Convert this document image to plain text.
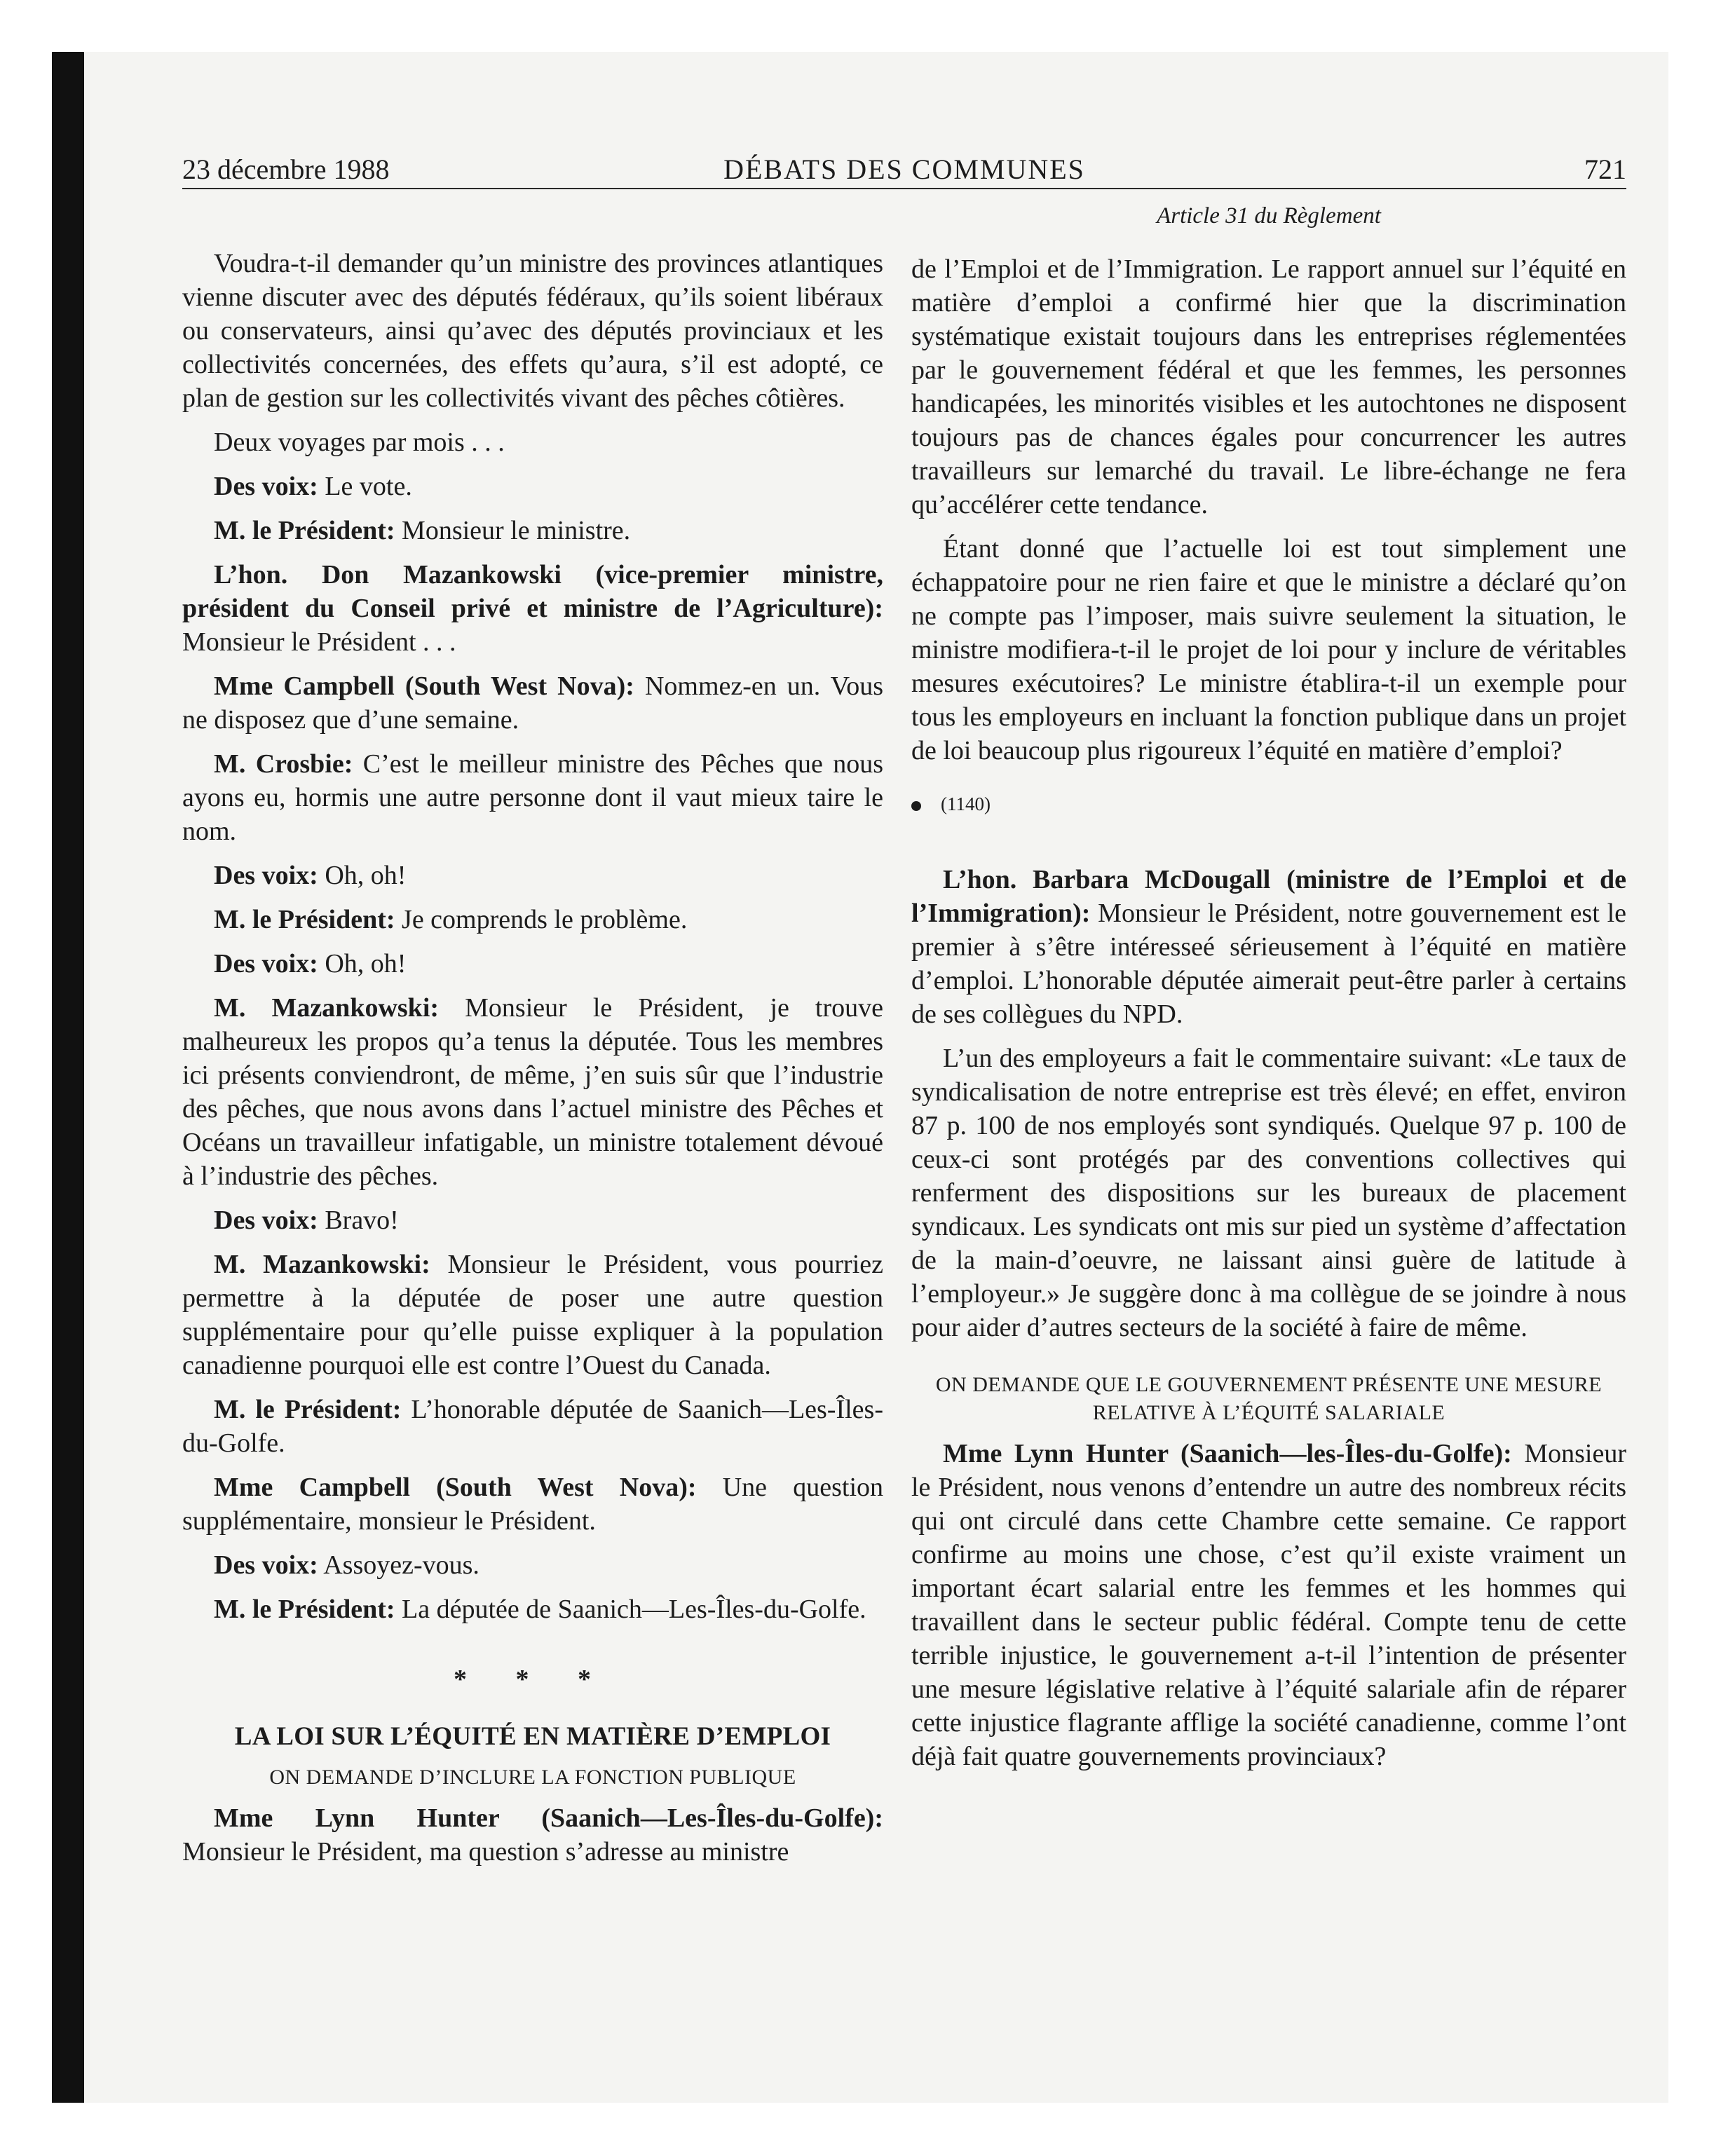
23 décembre 1988	DÉBATS DES COMMUNES	721
Article 31 du Règlement

Voudra-t-il demander qu’un ministre des provinces atlantiques vienne discuter avec des députés fédéraux, qu’ils soient libéraux ou conservateurs, ainsi qu’avec des députés provinciaux et les collectivités concernées, des effets qu’aura, s’il est adopté, ce plan de gestion sur les collectivités vivant des pêches côtières.

Deux voyages par mois . . .

Des voix: Le vote.

M. le Président: Monsieur le ministre.

L’hon. Don Mazankowski (vice-premier ministre, président du Conseil privé et ministre de l’Agriculture): Monsieur le Président . . .

Mme Campbell (South West Nova): Nommez-en un. Vous ne disposez que d’une semaine.

M. Crosbie: C’est le meilleur ministre des Pêches que nous ayons eu, hormis une autre personne dont il vaut mieux taire le nom.

Des voix: Oh, oh!

M. le Président: Je comprends le problème.

Des voix: Oh, oh!

M. Mazankowski: Monsieur le Président, je trouve malheureux les propos qu’a tenus la députée. Tous les membres ici présents conviendront, de même, j’en suis sûr que l’industrie des pêches, que nous avons dans l’actuel ministre des Pêches et Océans un travailleur infatigable, un ministre totalement dévoué à l’industrie des pêches.

Des voix: Bravo!

M. Mazankowski: Monsieur le Président, vous pourriez permettre à la députée de poser une autre question supplémentaire pour qu’elle puisse expliquer à la population canadienne pourquoi elle est contre l’Ouest du Canada.

M. le Président: L’honorable députée de Saanich—Les-Îles-du-Golfe.

Mme Campbell (South West Nova): Une question supplémentaire, monsieur le Président.

Des voix: Assoyez-vous.

M. le Président: La députée de Saanich—Les-Îles-du-Golfe.

* * *
LA LOI SUR L’ÉQUITÉ EN MATIÈRE D’EMPLOI
ON DEMANDE D’INCLURE LA FONCTION PUBLIQUE

Mme Lynn Hunter (Saanich—Les-Îles-du-Golfe): Monsieur le Président, ma question s’adresse au ministre

de l’Emploi et de l’Immigration. Le rapport annuel sur l’équité en matière d’emploi a confirmé hier que la discrimination systématique existait toujours dans les entreprises réglementées par le gouvernement fédéral et que les femmes, les personnes handicapées, les minorités visibles et les autochtones ne disposent toujours pas de chances égales pour concurrencer les autres travailleurs sur lemarché du travail. Le libre-échange ne fera qu’accélérer cette tendance.

Étant donné que l’actuelle loi est tout simplement une échappatoire pour ne rien faire et que le ministre a déclaré qu’on ne compte pas l’imposer, mais suivre seulement la situation, le ministre modifiera-t-il le projet de loi pour y inclure de véritables mesures exécutoires? Le ministre établira-t-il un exemple pour tous les employeurs en incluant la fonction publique dans un projet de loi beaucoup plus rigoureux l’équité en matière d’emploi?

(1140)

L’hon. Barbara McDougall (ministre de l’Emploi et de l’Immigration): Monsieur le Président, notre gouvernement est le premier à s’être intéresseé sérieusement à l’équité en matière d’emploi. L’honorable députée aimerait peut-être parler à certains de ses collègues du NPD.

L’un des employeurs a fait le commentaire suivant: «Le taux de syndicalisation de notre entreprise est très élevé; en effet, environ 87 p. 100 de nos employés sont syndiqués. Quelque 97 p. 100 de ceux-ci sont protégés par des conventions collectives qui renferment des dispositions sur les bureaux de placement syndicaux. Les syndicats ont mis sur pied un système d’affectation de la main-d’oeuvre, ne laissant ainsi guère de latitude à l’employeur.» Je suggère donc à ma collègue de se joindre à nous pour aider d’autres secteurs de la société à faire de même.

ON DEMANDE QUE LE GOUVERNEMENT PRÉSENTE UNE MESURE RELATIVE À L’ÉQUITÉ SALARIALE

Mme Lynn Hunter (Saanich—les-Îles-du-Golfe): Monsieur le Président, nous venons d’entendre un autre des nombreux récits qui ont circulé dans cette Chambre cette semaine. Ce rapport confirme au moins une chose, c’est qu’il existe vraiment un important écart salarial entre les femmes et les hommes qui travaillent dans le secteur public fédéral. Compte tenu de cette terrible injustice, le gouvernement a-t-il l’intention de présenter une mesure législative relative à l’équité salariale afin de réparer cette injustice flagrante afflige la société canadienne, comme l’ont déjà fait quatre gouvernements provinciaux?
